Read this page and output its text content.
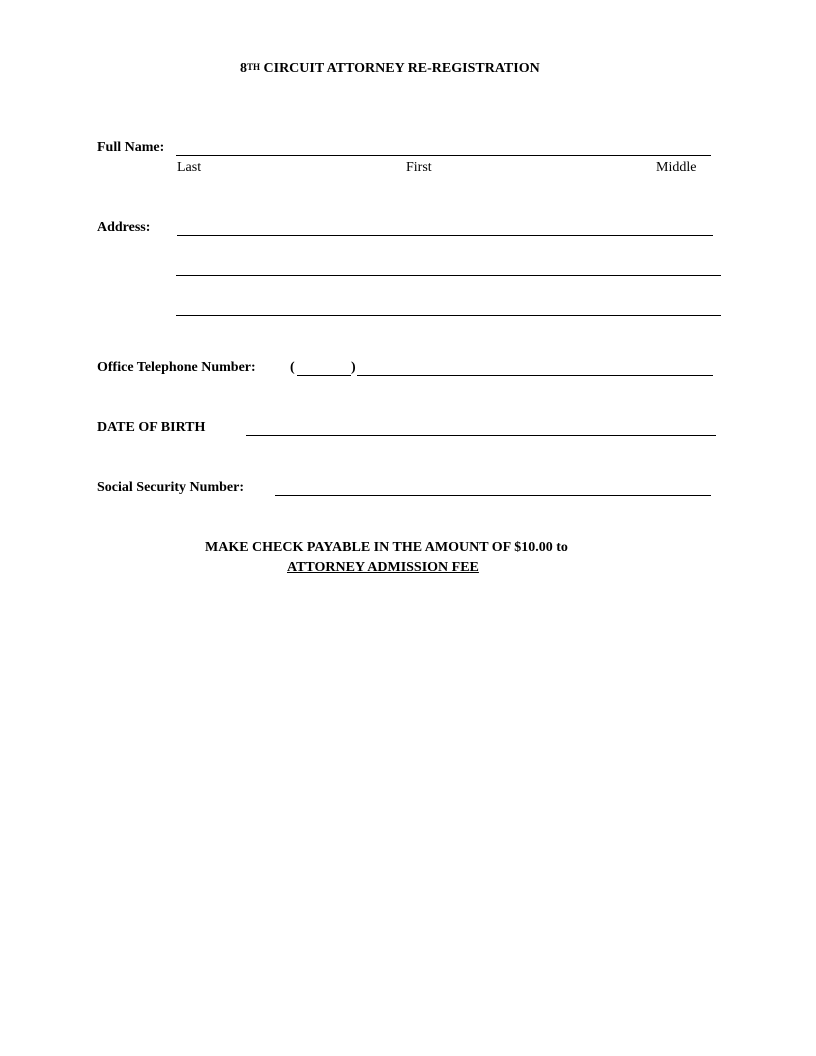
8TH CIRCUIT ATTORNEY RE-REGISTRATION
Full Name:
Last	First	Middle
Address:
Office Telephone Number: (	)
DATE OF BIRTH
Social Security Number:
MAKE CHECK PAYABLE IN THE AMOUNT OF $10.00 to
ATTORNEY ADMISSION FEE
